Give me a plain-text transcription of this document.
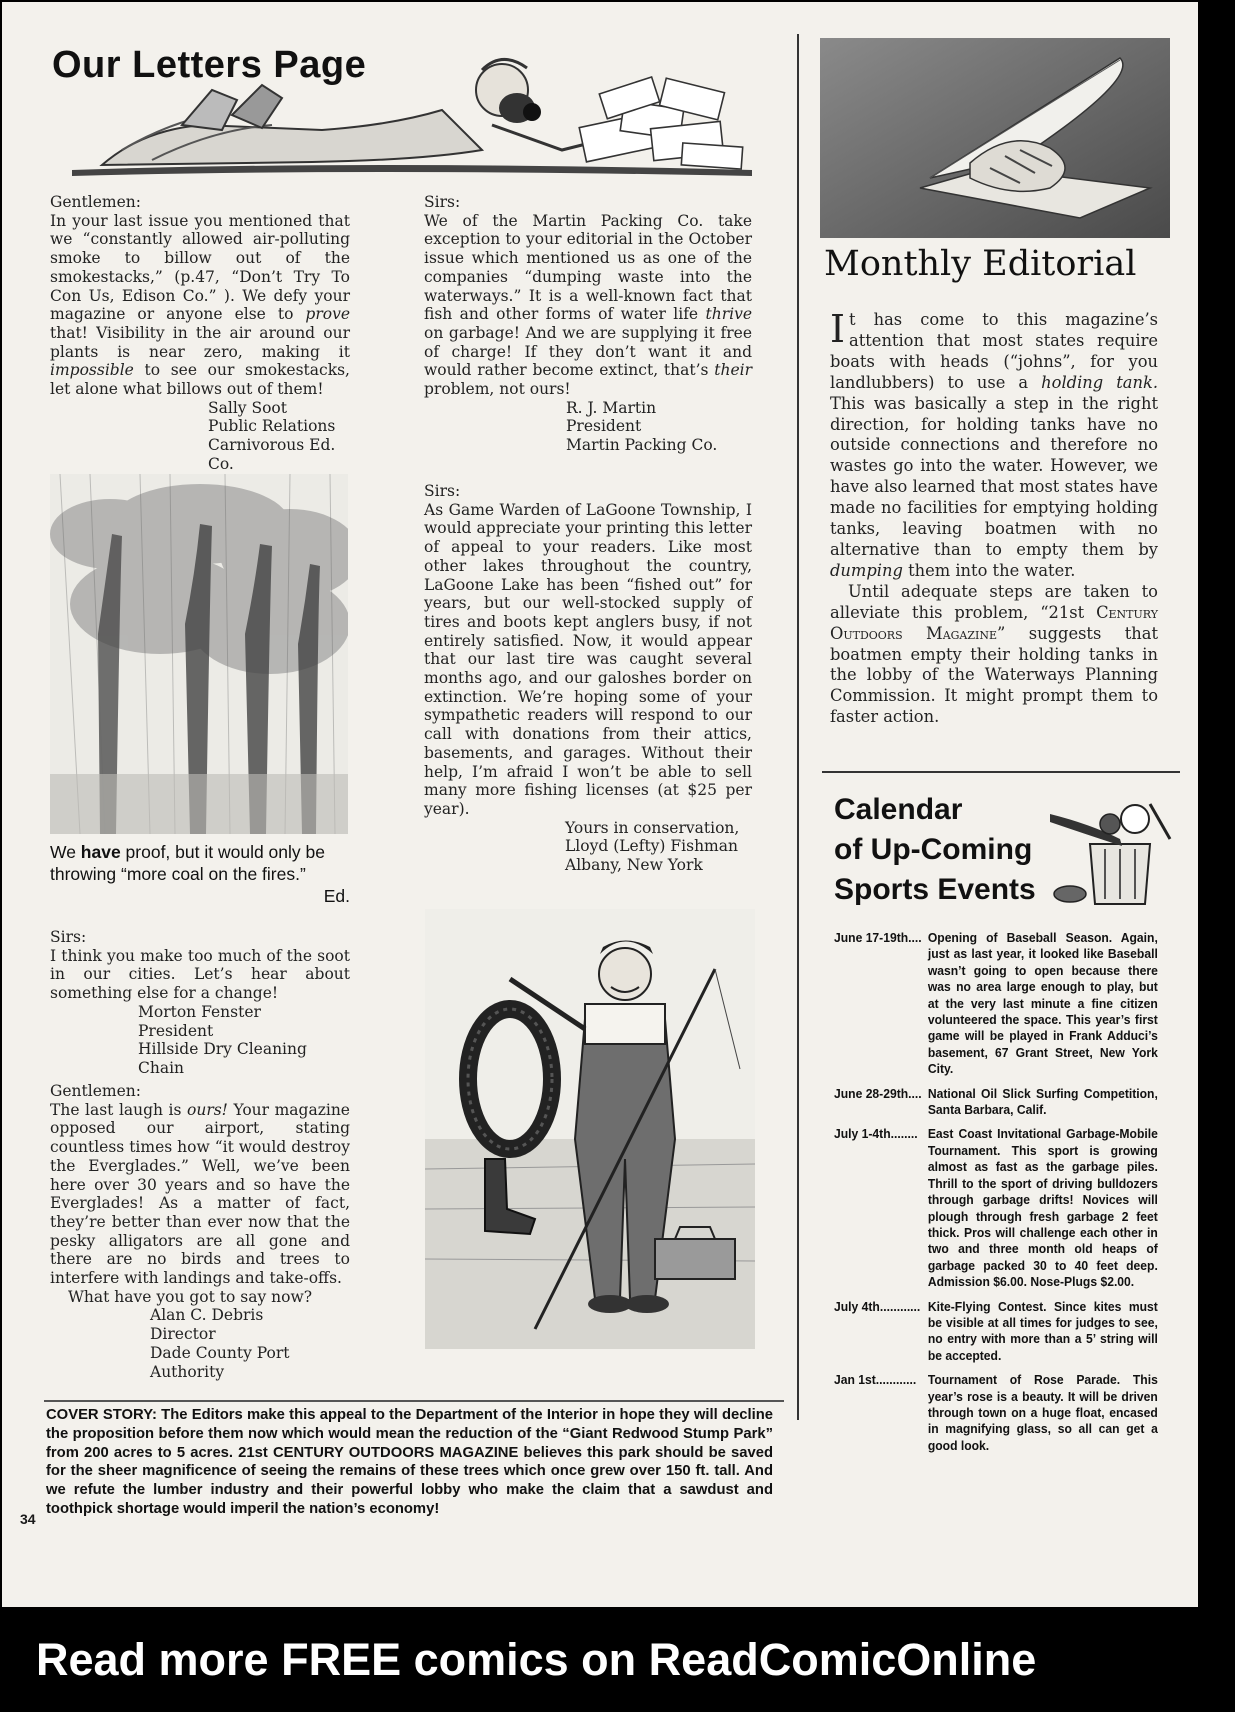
Our Letters Page

Gentlemen:

In your last issue you mentioned that we “constantly allowed air-polluting smoke to billow out of the smokestacks,” (p.47, “Don’t Try To Con Us, Edison Co.” ). We defy your magazine or anyone else to prove that! Visibility in the air around our plants is near zero, making it impossible to see our smokestacks, let alone what billows out of them!

Sally Soot

Public Relations

Carnivorous Ed. Co.

We have proof, but it would only be throwing “more coal on the fires.”
Ed.

Sirs:

I think you make too much of the soot in our cities. Let’s hear about something else for a change!

Morton Fenster

President

Hillside Dry Cleaning Chain

Gentlemen:

The last laugh is ours! Your magazine opposed our airport, stating countless times how “it would destroy the Everglades.” Well, we’ve been here over 30 years and so have the Everglades! As a matter of fact, they’re better than ever now that the pesky alligators are all gone and there are no birds and trees to interfere with landings and take-offs.

What have you got to say now?

Alan C. Debris

Director

Dade County Port Authority

Sirs:

We of the Martin Packing Co. take exception to your editorial in the October issue which mentioned us as one of the companies “dumping waste into the waterways.” It is a well-known fact that fish and other forms of water life thrive on garbage! And we are supplying it free of charge! If they don’t want it and would rather become extinct, that’s their problem, not ours!

R. J. Martin

President

Martin Packing Co.

Sirs:

As Game Warden of LaGoone Township, I would appreciate your printing this letter of appeal to your readers. Like most other lakes throughout the country, LaGoone Lake has been “fished out” for years, but our well-stocked supply of tires and boots kept anglers busy, if not entirely satisfied. Now, it would appear that our last tire was caught several months ago, and our galoshes border on extinction. We’re hoping some of your sympathetic readers will respond to our call with donations from their attics, basements, and garages. Without their help, I’m afraid I won’t be able to sell many more fishing licenses (at $25 per year).

Yours in conservation,

Lloyd (Lefty) Fishman

Albany, New York

Monthly Editorial

It has come to this magazine’s attention that most states require boats with heads (“johns”, for you landlubbers) to use a holding tank. This was basically a step in the right direction, for holding tanks have no outside connections and therefore no wastes go into the water. However, we have also learned that most states have made no facilities for emptying holding tanks, leaving boatmen with no alternative than to empty them by dumping them into the water.

Until adequate steps are taken to alleviate this problem, “21st Century Outdoors Magazine” suggests that boatmen empty their holding tanks in the lobby of the Waterways Planning Commission. It might prompt them to faster action.

Calendar
of Up-Coming
Sports Events
June 17-19th.... Opening of Baseball Season. Again, just as last year, it looked like Baseball wasn’t going to open because there was no area large enough to play, but at the very last minute a fine citizen volunteered the space. This year’s first game will be played in Frank Adduci’s basement, 67 Grant Street, New York City.
June 28-29th.... National Oil Slick Surfing Competition, Santa Barbara, Calif.
July 1-4th........ East Coast Invitational Garbage-Mobile Tournament. This sport is growing almost as fast as the garbage piles. Thrill to the sport of driving bulldozers through garbage drifts! Novices will plough through fresh garbage 2 feet thick. Pros will challenge each other in two and three month old heaps of garbage packed 30 to 40 feet deep. Admission $6.00. Nose-Plugs $2.00.
July 4th............ Kite-Flying Contest. Since kites must be visible at all times for judges to see, no entry with more than a 5’ string will be accepted.
Jan 1st............ Tournament of Rose Parade. This year’s rose is a beauty. It will be driven through town on a huge float, encased in magnifying glass, so all can get a good look.
COVER STORY: The Editors make this appeal to the Department of the Interior in hope they will decline the proposition before them now which would mean the reduction of the “Giant Redwood Stump Park” from 200 acres to 5 acres. 21st CENTURY OUTDOORS MAGAZINE believes this park should be saved for the sheer magnificence of seeing the remains of these trees which once grew over 150 ft. tall. And we refute the lumber industry and their powerful lobby who make the claim that a sawdust and toothpick shortage would imperil the nation’s economy!
34
Read more FREE comics on ReadComicOnline
